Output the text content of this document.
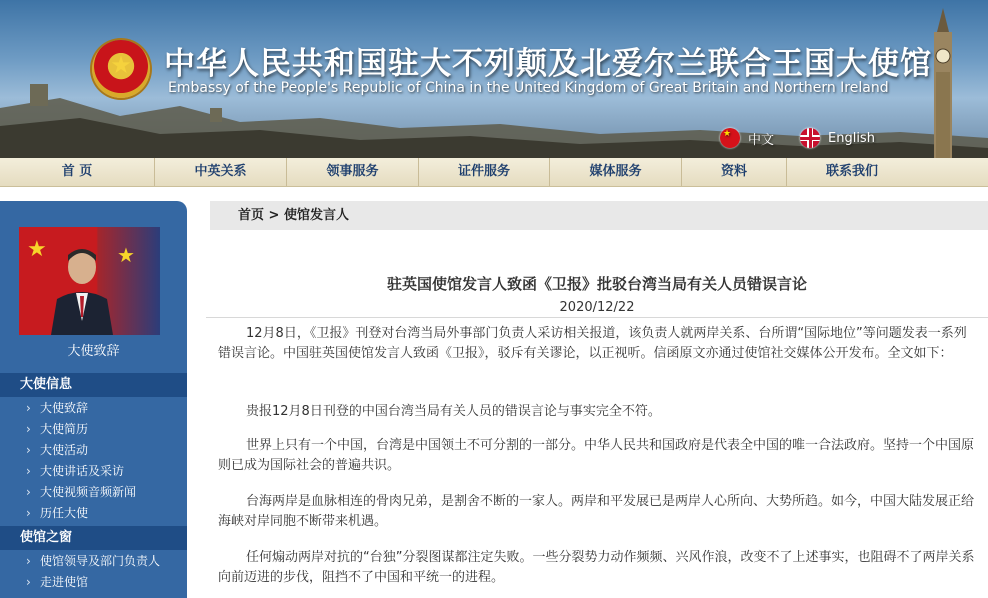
★	中华人民共和国驻大不列颠及北爱尔兰联合王国大使馆
Embassy of the People's Republic of China in the United Kingdom of Great Britain and Northern Ireland
★
中文	English
首 页	中英关系	领事服务	证件服务	媒体服务	资料	联系我们
★	★
大使致辞
大使信息
› 大使致辞
› 大使简历
› 大使活动
› 大使讲话及采访
› 大使视频音频新闻
› 历任大使
使馆之窗
› 使馆领导及部门负责人
› 走进使馆
首页 > 使馆发言人
驻英国使馆发言人致函《卫报》批驳台湾当局有关人员错误言论
2020/12/22

12月8日，《卫报》刊登对台湾当局外事部门负责人采访相关报道，该负责人就两岸关系、台所谓“国际地位”等问题发表一系列错误言论。中国驻英国使馆发言人致函《卫报》，驳斥有关谬论，以正视听。信函原文亦通过使馆社交媒体公开发布。全文如下：

贵报12月8日刊登的中国台湾当局有关人员的错误言论与事实完全不符。

世界上只有一个中国，台湾是中国领土不可分割的一部分。中华人民共和国政府是代表全中国的唯一合法政府。坚持一个中国原则已成为国际社会的普遍共识。

台海两岸是血脉相连的骨肉兄弟，是割舍不断的一家人。两岸和平发展已是两岸人心所向、大势所趋。如今，中国大陆发展正给海峡对岸同胞不断带来机遇。

任何煽动两岸对抗的“台独”分裂图谋都注定失败。一些分裂势力动作频频、兴风作浪，改变不了上述事实，也阻碍不了两岸关系向前迈进的步伐，阻挡不了中国和平统一的进程。
